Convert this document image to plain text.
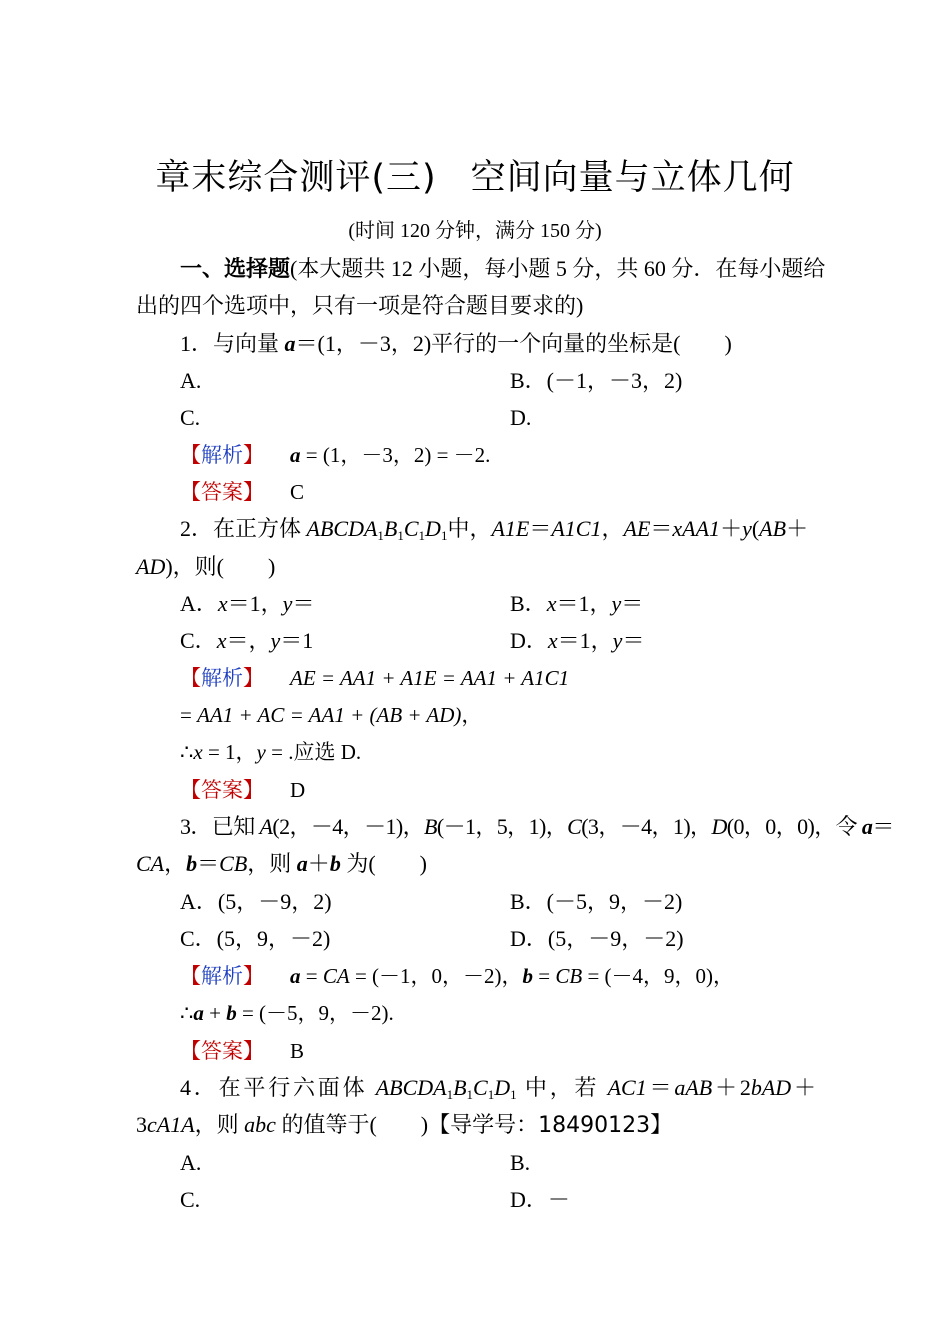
章末综合测评(三) 空间向量与立体几何
(时间 120 分钟，满分 150 分)
一、选择题(本大题共 12 小题，每小题 5 分，共 60 分．在每小题给
出的四个选项中，只有一项是符合题目要求的)
1．与向量 a＝(1，－3，2)平行的一个向量的坐标是(　　)
A.	B．(－1，－3，2)
C.	D.
【解析】 a = (1，－3，2) = －2.
【答案】 C
2．在正方体 $ABCDA_1B_1C_1D_1$中，A1E＝A1C1，AE＝xAA1＋y(AB＋
AD)，则(　　)
A．x＝1，y＝	B．x＝1，y＝
C．x＝，y＝1	D．x＝1，y＝
【解析】 AE = AA1 + A1E = AA1 + A1C1
= AA1 + AC = AA1 + (AB + AD)，
∴x = 1，y = .应选 D.
【答案】 D
3．已知 A(2，－4，－1)，B(－1，5，1)，C(3，－4，1)，D(0，0，0)，令 a＝
CA，b＝CB，则 a＋b 为(　　)
A．(5，－9，2)	B．(－5，9，－2)
C．(5，9，－2)	D．(5，－9，－2)
【解析】 a = CA = (－1，0，－2)，b = CB = (－4，9，0)，
∴a + b = (－5，9，－2).
【答案】 B
4．在平行六面体 $ABCDA_1B_1C_1D_1$ 中，若 AC1＝aAB＋2bAD＋
3cA1A，则 abc 的值等于(　　)【导学号：18490123】
A.	B.
C.	D．－
